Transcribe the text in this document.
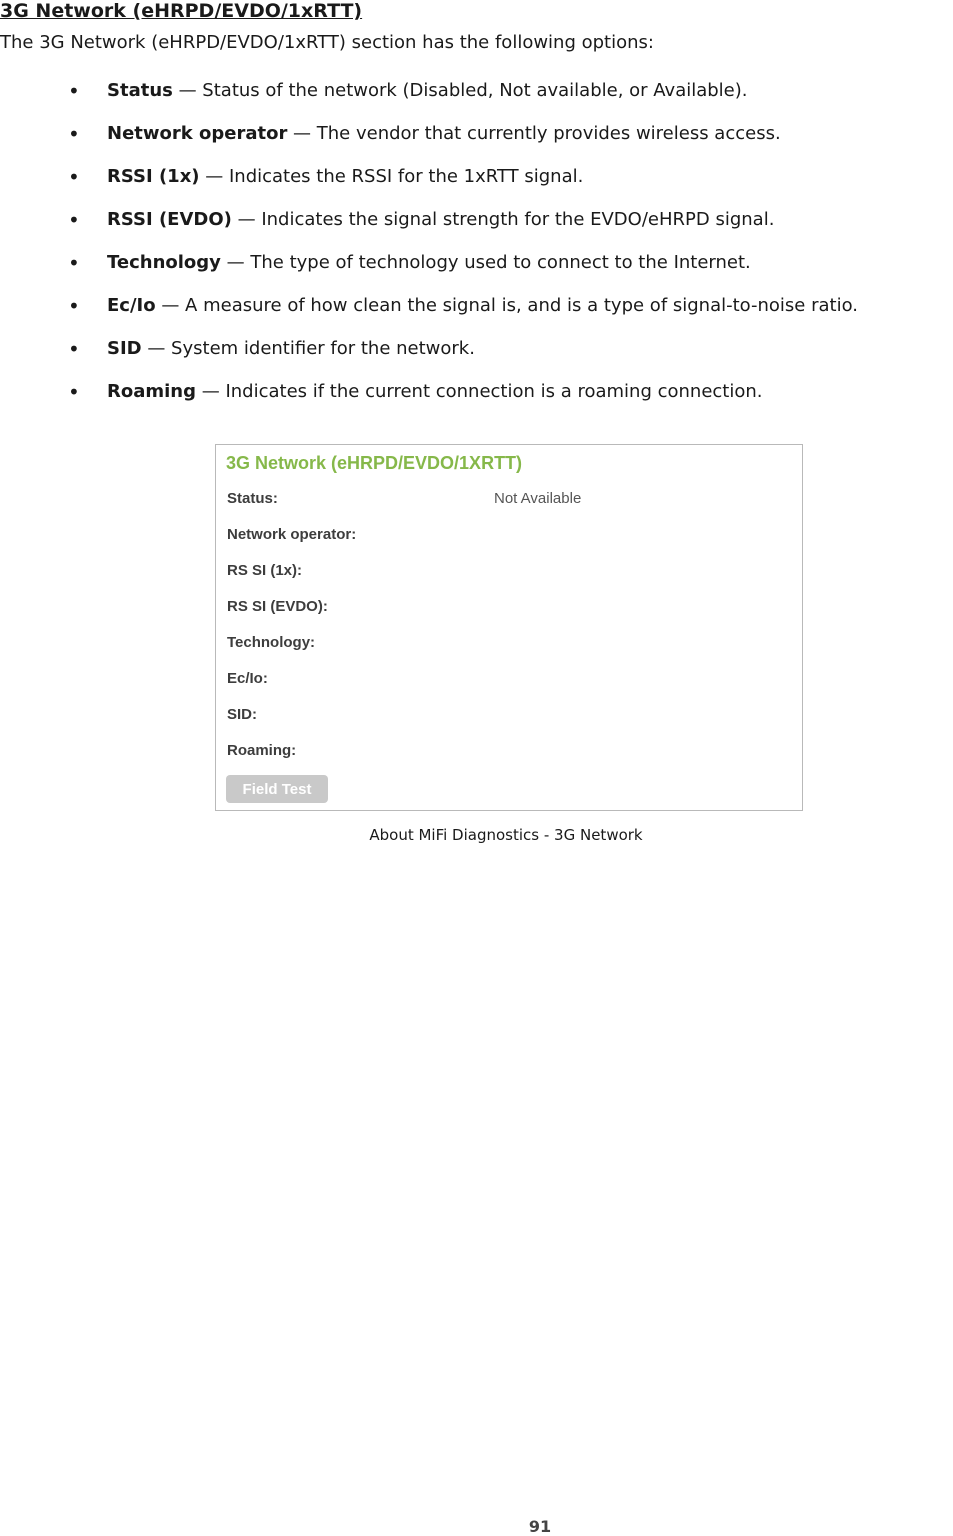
3G Network (eHRPD/EVDO/1xRTT)
The 3G Network (eHRPD/EVDO/1xRTT) section has the following options:
• Status — Status of the network (Disabled, Not available, or Available).
• Network operator — The vendor that currently provides wireless access.
• RSSI (1x) — Indicates the RSSI for the 1xRTT signal.
• RSSI (EVDO) — Indicates the signal strength for the EVDO/eHRPD signal.
• Technology — The type of technology used to connect to the Internet.
• Ec/Io — A measure of how clean the signal is, and is a type of signal-to-noise ratio.
• SID — System identiﬁer for the network.
• Roaming — Indicates if the current connection is a roaming connection.
3G Network (eHRPD/EVDO/1XRTT)
Status:	Not Available
Network operator:
RS SI (1x):
RS SI (EVDO):
Technology:
Ec/Io:
SID:
Roaming:
Field Test
About MiFi Diagnostics - 3G Network
91
